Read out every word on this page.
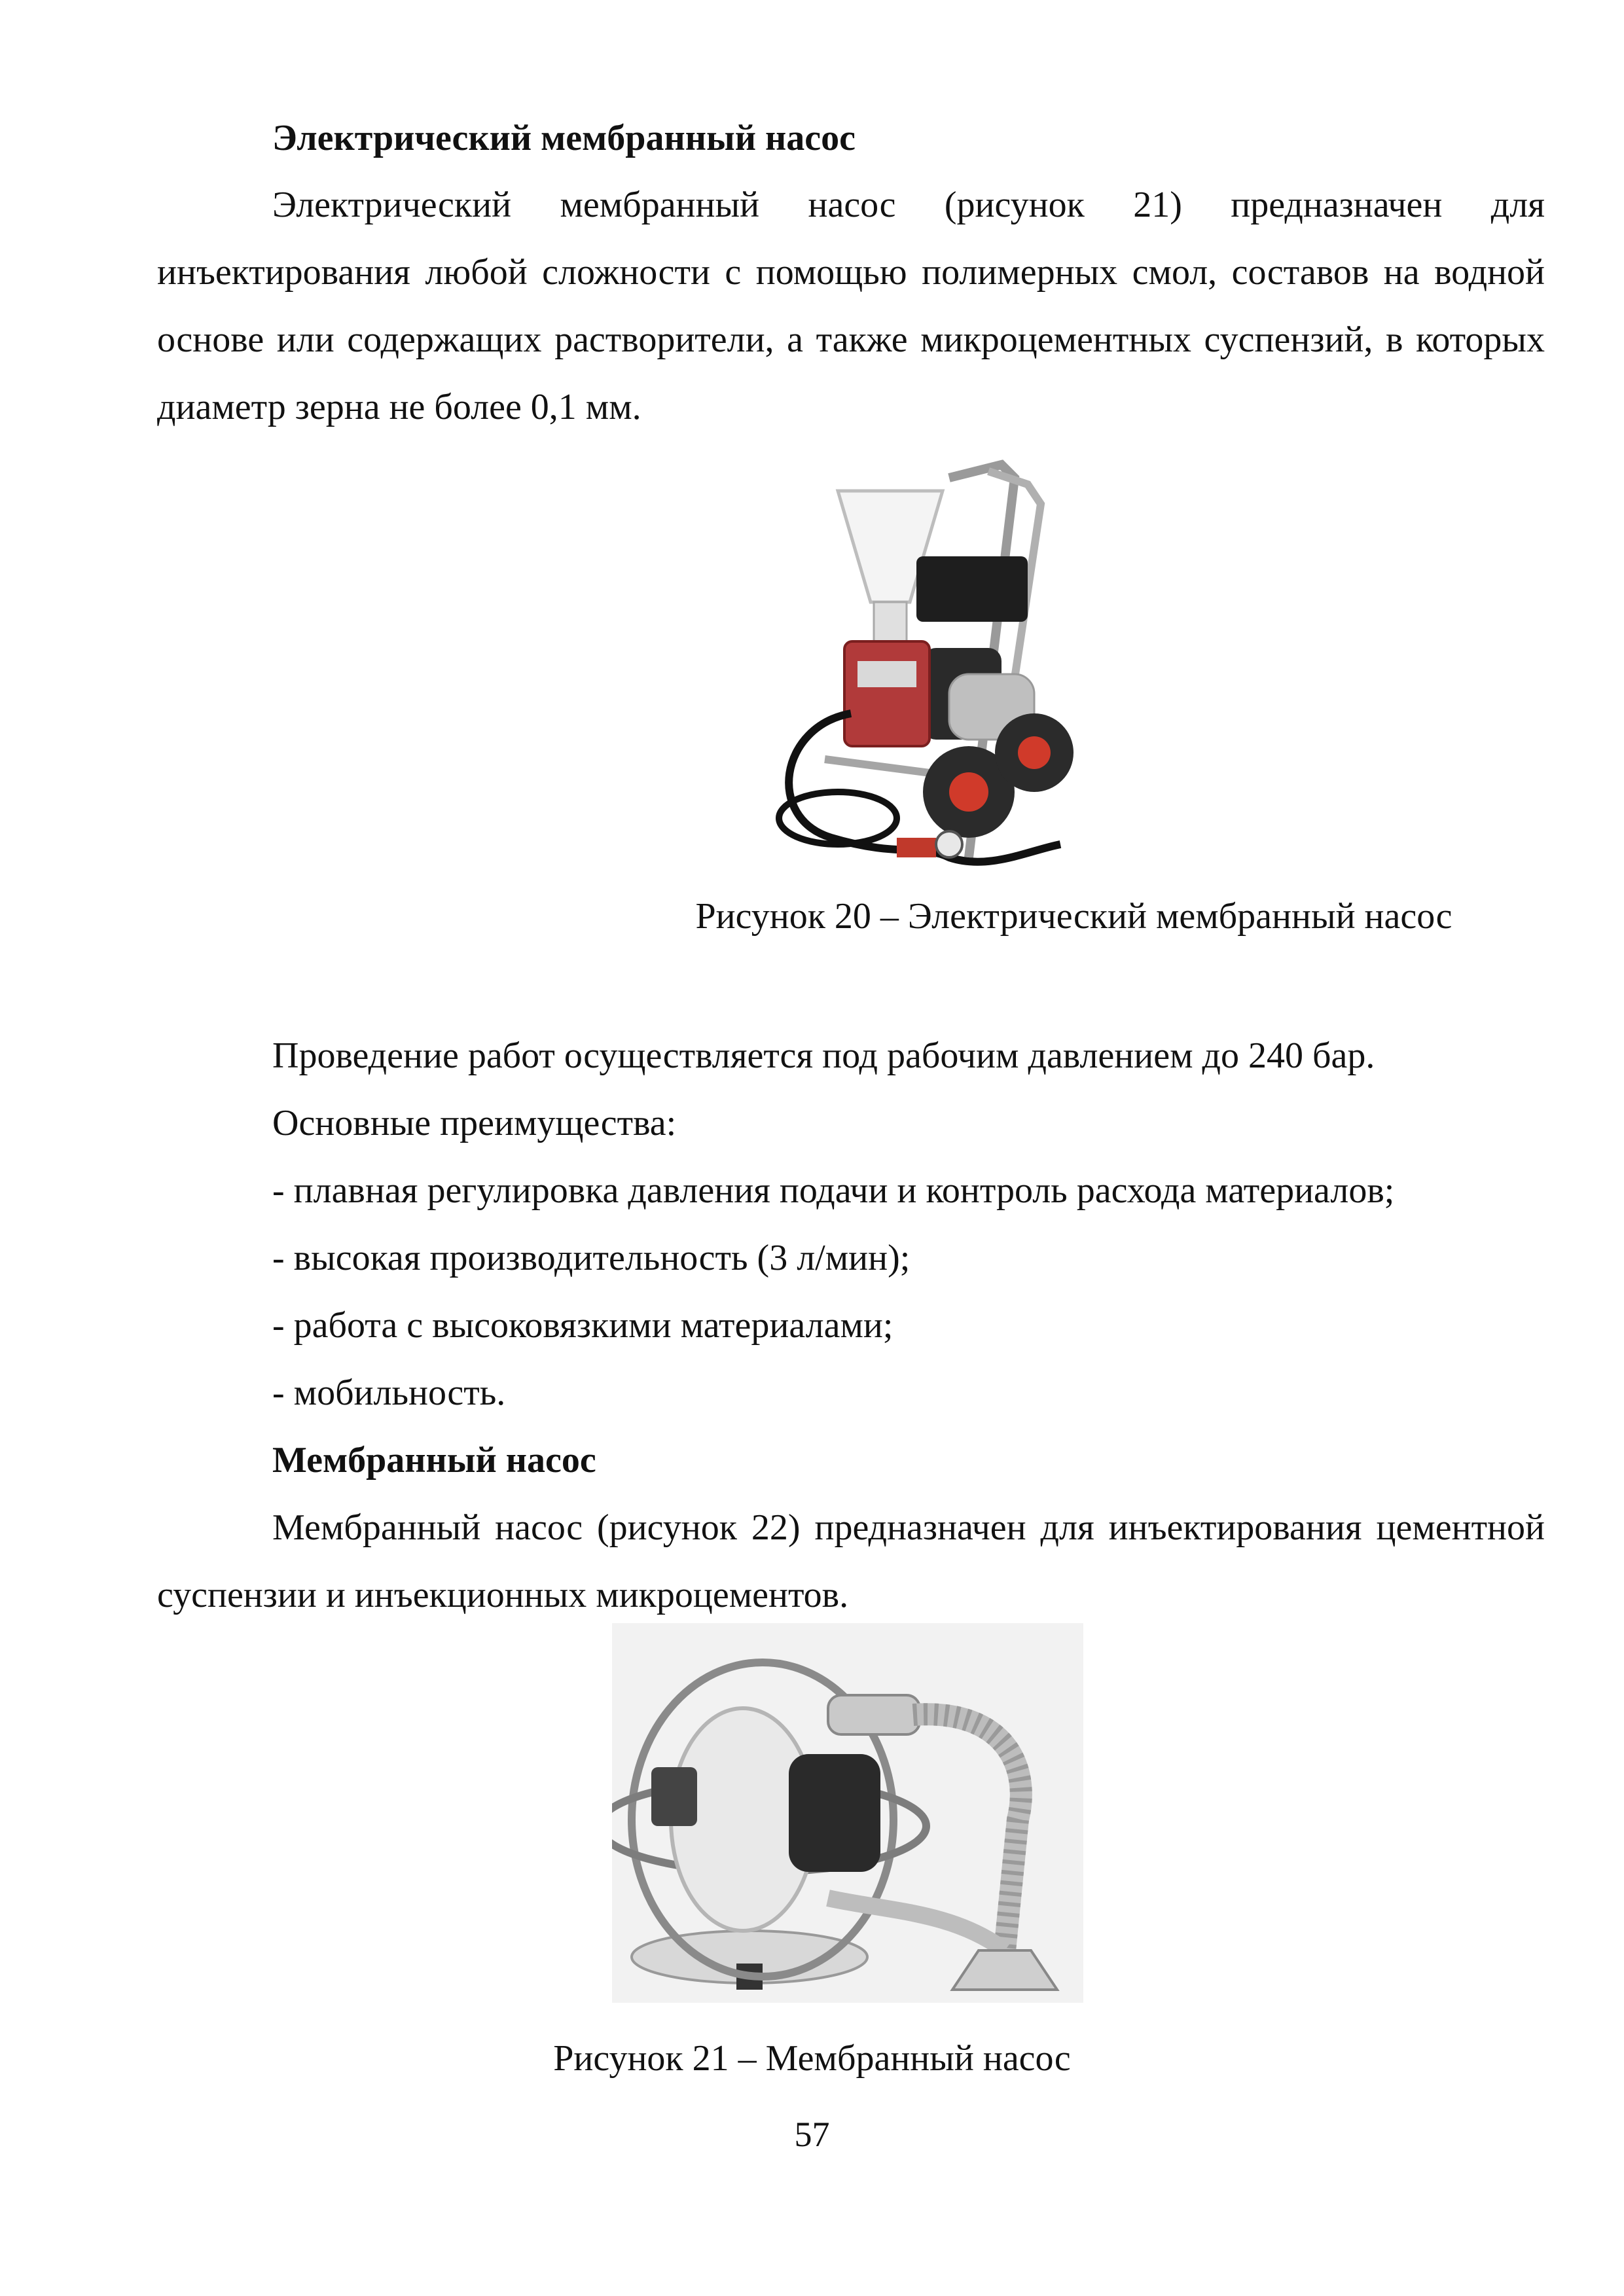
Электрический мембранный насос

Электрический мембранный насос (рисунок 21) предназначен для инъектирования любой сложности с помощью полимерных смол, составов на водной основе или содержащих растворители, а также микроцементных суспензий, в которых диаметр зерна не более 0,1 мм.

Рисунок 20 – Электрический мембранный насос

Проведение работ осуществляется под рабочим давлением до 240 бар.

Основные преимущества:

- плавная регулировка давления подачи и контроль расхода материалов;

- высокая производительность (3 л/мин);

- работа с высоковязкими материалами;

- мобильность.

Мембранный насос

Мембранный насос (рисунок 22) предназначен для инъектирования цементной суспензии и инъекционных микроцементов.

Рисунок 21 – Мембранный насос

57
